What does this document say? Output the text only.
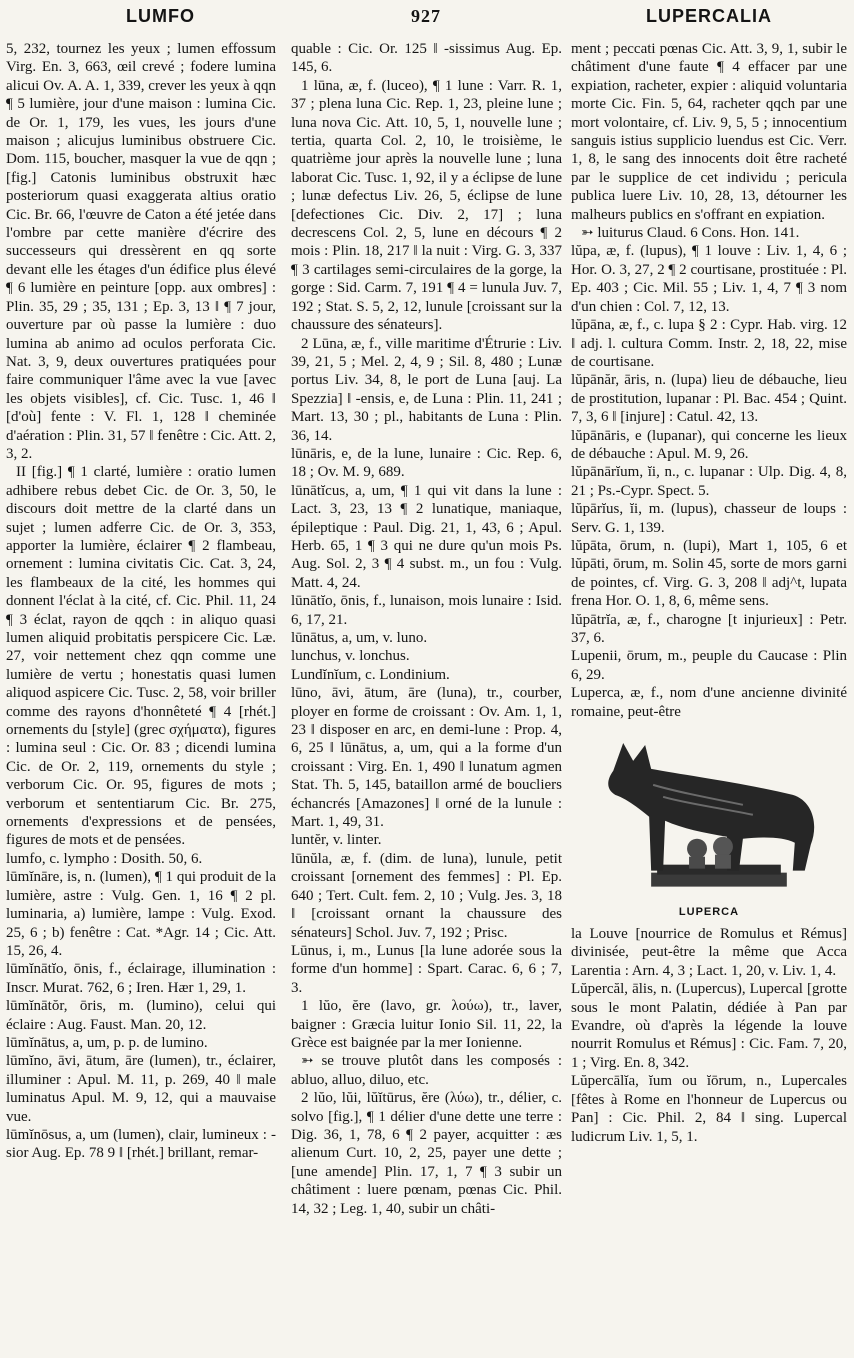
LUMFO	927	LUPERCALIA

5, 232, tournez les yeux ; lumen effossum Virg. En. 3, 663, œil crevé ; fodere lumina alicui Ov. A. A. 1, 339, crever les yeux à qqn ¶ 5 lumière, jour d'une maison : lumina Cic. de Or. 1, 179, les vues, les jours d'une maison ; alicujus luminibus obstruere Cic. Dom. 115, boucher, masquer la vue de qqn ; [fig.] Catonis luminibus obstruxit hæc posteriorum quasi exaggerata altius oratio Cic. Br. 66, l'œuvre de Caton a été jetée dans l'ombre par cette manière d'écrire des successeurs qui dressèrent en qq sorte devant elle les étages d'un édifice plus élevé ¶ 6 lumière en peinture [opp. aux ombres] : Plin. 35, 29 ; 35, 131 ; Ep. 3, 13 ‖ ¶ 7 jour, ouverture par où passe la lumière : duo lumina ab animo ad oculos perforata Cic. Nat. 3, 9, deux ouvertures pratiquées pour faire communiquer l'âme avec la vue [avec les objets visibles], cf. Cic. Tusc. 1, 46 ‖ [d'où] fente : V. Fl. 1, 128 ‖ cheminée d'aération : Plin. 31, 57 ‖ fenêtre : Cic. Att. 2, 3, 2.

II [fig.] ¶ 1 clarté, lumière : oratio lumen adhibere rebus debet Cic. de Or. 3, 50, le discours doit mettre de la clarté dans un sujet ; lumen adferre Cic. de Or. 3, 353, apporter la lumière, éclairer ¶ 2 flambeau, ornement : lumina civitatis Cic. Cat. 3, 24, les flambeaux de la cité, les hommes qui donnent l'éclat à la cité, cf. Cic. Phil. 11, 24 ¶ 3 éclat, rayon de qqch : in aliquo quasi lumen aliquid probitatis perspicere Cic. Læ. 27, voir nettement chez qqn comme une lumière de vertu ; honestatis quasi lumen aliquod aspicere Cic. Tusc. 2, 58, voir briller comme des rayons d'honnêteté ¶ 4 [rhét.] ornements du [style] (grec σχήματα), figures : lumina seul : Cic. Or. 83 ; dicendi lumina Cic. de Or. 2, 119, ornements du style ; verborum Cic. Or. 95, figures de mots ; verborum et sententiarum Cic. Br. 275, ornements d'expressions et de pensées, figures de mots et de pensées.

lumfo, c. lympho : Dosith. 50, 6.

lūmĭnāre, is, n. (lumen), ¶ 1 qui produit de la lumière, astre : Vulg. Gen. 1, 16 ¶ 2 pl. luminaria, a) lumière, lampe : Vulg. Exod. 25, 6 ; b) fenêtre : Cat. *Agr. 14 ; Cic. Att. 15, 26, 4.

lūmĭnātĭo, ōnis, f., éclairage, illumination : Inscr. Murat. 762, 6 ; Iren. Hær 1, 29, 1.

lūmĭnātŏr, ōris, m. (lumino), celui qui éclaire : Aug. Faust. Man. 20, 12.

lūmĭnātus, a, um, p. p. de lumino.

lūmĭno, āvi, ātum, āre (lumen), tr., éclairer, illuminer : Apul. M. 11, p. 269, 40 ‖ male luminatus Apul. M. 9, 12, qui a mauvaise vue.

lūmĭnōsus, a, um (lumen), clair, lumineux : -sior Aug. Ep. 78 9 ‖ [rhét.] brillant, remar-

quable : Cic. Or. 125 ‖ -sissimus Aug. Ep. 145, 6.

1 lūna, æ, f. (luceo), ¶ 1 lune : Varr. R. 1, 37 ; plena luna Cic. Rep. 1, 23, pleine lune ; luna nova Cic. Att. 10, 5, 1, nouvelle lune ; tertia, quarta Col. 2, 10, le troisième, le quatrième jour après la nouvelle lune ; luna laborat Cic. Tusc. 1, 92, il y a éclipse de lune ; lunæ defectus Liv. 26, 5, éclipse de lune [defectiones Cic. Div. 2, 17] ; luna decrescens Col. 2, 5, lune en décours ¶ 2 mois : Plin. 18, 217 ‖ la nuit : Virg. G. 3, 337 ¶ 3 cartilages semi-circulaires de la gorge, la gorge : Sid. Carm. 7, 191 ¶ 4 = lunula Juv. 7, 192 ; Stat. S. 5, 2, 12, lunule [croissant sur la chaussure des sénateurs].

2 Lūna, æ, f., ville maritime d'Étrurie : Liv. 39, 21, 5 ; Mel. 2, 4, 9 ; Sil. 8, 480 ; Lunæ portus Liv. 34, 8, le port de Luna [auj. La Spezzia] ‖ -ensis, e, de Luna : Plin. 11, 241 ; Mart. 13, 30 ; pl., habitants de Luna : Plin. 36, 14.

lūnāris, e, de la lune, lunaire : Cic. Rep. 6, 18 ; Ov. M. 9, 689.

lūnātĭcus, a, um, ¶ 1 qui vit dans la lune : Lact. 3, 23, 13 ¶ 2 lunatique, maniaque, épileptique : Paul. Dig. 21, 1, 43, 6 ; Apul. Herb. 65, 1 ¶ 3 qui ne dure qu'un mois Ps. Aug. Sol. 2, 3 ¶ 4 subst. m., un fou : Vulg. Matt. 4, 24.

lūnātĭo, ōnis, f., lunaison, mois lunaire : Isid. 6, 17, 21.

lūnātus, a, um, v. luno.

lunchus, v. lonchus.

Lundĭnĭum, c. Londinium.

lūno, āvi, ātum, āre (luna), tr., courber, ployer en forme de croissant : Ov. Am. 1, 1, 23 ‖ disposer en arc, en demi-lune : Prop. 4, 6, 25 ‖ lūnātus, a, um, qui a la forme d'un croissant : Virg. En. 1, 490 ‖ lunatum agmen Stat. Th. 5, 145, bataillon armé de boucliers échancrés [Amazones] ‖ orné de la lunule : Mart. 1, 49, 31.

luntĕr, v. linter.

lūnŭla, æ, f. (dim. de luna), lunule, petit croissant [ornement des femmes] : Pl. Ep. 640 ; Tert. Cult. fem. 2, 10 ; Vulg. Jes. 3, 18 ‖ [croissant ornant la chaussure des sénateurs] Schol. Juv. 7, 192 ; Prisc.

Lūnus, i, m., Lunus [la lune adorée sous la forme d'un homme] : Spart. Carac. 6, 6 ; 7, 3.

1 lŭo, ĕre (lavo, gr. λούω), tr., laver, baigner : Græcia luitur Ionio Sil. 11, 22, la Grèce est baignée par la mer Ionienne.

➳ se trouve plutôt dans les composés : abluo, alluo, diluo, etc.

2 lŭo, lŭi, lŭĭtūrus, ĕre (λύω), tr., délier, c. solvo [fig.], ¶ 1 délier d'une dette une terre : Dig. 36, 1, 78, 6 ¶ 2 payer, acquitter : æs alienum Curt. 10, 2, 25, payer une dette ; [une amende] Plin. 17, 1, 7 ¶ 3 subir un châtiment : luere pœnam, pœnas Cic. Phil. 14, 32 ; Leg. 1, 40, subir un châti-

ment ; peccati pœnas Cic. Att. 3, 9, 1, subir le châtiment d'une faute ¶ 4 effacer par une expiation, racheter, expier : aliquid voluntaria morte Cic. Fin. 5, 64, racheter qqch par une mort volontaire, cf. Liv. 9, 5, 5 ; innocentium sanguis istius supplicio luendus est Cic. Verr. 1, 8, le sang des innocents doit être racheté par le supplice de cet individu ; pericula publica luere Liv. 10, 28, 13, détourner les malheurs publics en s'offrant en expiation.

➳ luiturus Claud. 6 Cons. Hon. 141.

lŭpa, æ, f. (lupus), ¶ 1 louve : Liv. 1, 4, 6 ; Hor. O. 3, 27, 2 ¶ 2 courtisane, prostituée : Pl. Ep. 403 ; Cic. Mil. 55 ; Liv. 1, 4, 7 ¶ 3 nom d'un chien : Col. 7, 12, 13.

lŭpāna, æ, f., c. lupa § 2 : Cypr. Hab. virg. 12 ‖ adj. l. cultura Comm. Instr. 2, 18, 22, mise de courtisane.

lŭpānăr, āris, n. (lupa) lieu de débauche, lieu de prostitution, lupanar : Pl. Bac. 454 ; Quint. 7, 3, 6 ‖ [injure] : Catul. 42, 13.

lŭpānāris, e (lupanar), qui concerne les lieux de débauche : Apul. M. 9, 26.

lŭpānārĭum, ĭi, n., c. lupanar : Ulp. Dig. 4, 8, 21 ; Ps.-Cypr. Spect. 5.

lŭpārĭus, ĭi, m. (lupus), chasseur de loups : Serv. G. 1, 139.

lŭpāta, ōrum, n. (lupi), Mart 1, 105, 6 et lŭpāti, ōrum, m. Solin 45, sorte de mors garni de pointes, cf. Virg. G. 3, 208 ‖ adj^t, lupata frena Hor. O. 1, 8, 6, même sens.

lŭpātrĭa, æ, f., charogne [t injurieux] : Petr. 37, 6.

Lupenii, ōrum, m., peuple du Caucase : Plin 6, 29.

Luperca, æ, f., nom d'une ancienne divinité romaine, peut-être

LUPERCA

la Louve [nourrice de Romulus et Rémus] divinisée, peut-être la même que Acca Larentia : Arn. 4, 3 ; Lact. 1, 20, v. Liv. 1, 4.

Lŭpercăl, ālis, n. (Lupercus), Lupercal [grotte sous le mont Palatin, dédiée à Pan par Evandre, où d'après la légende la louve nourrit Romulus et Rémus] : Cic. Fam. 7, 20, 1 ; Virg. En. 8, 342.

Lŭpercālĭa, ĭum ou ĭōrum, n., Lupercales [fêtes à Rome en l'honneur de Lupercus ou Pan] : Cic. Phil. 2, 84 ‖ sing. Lupercal ludicrum Liv. 1, 5, 1.
